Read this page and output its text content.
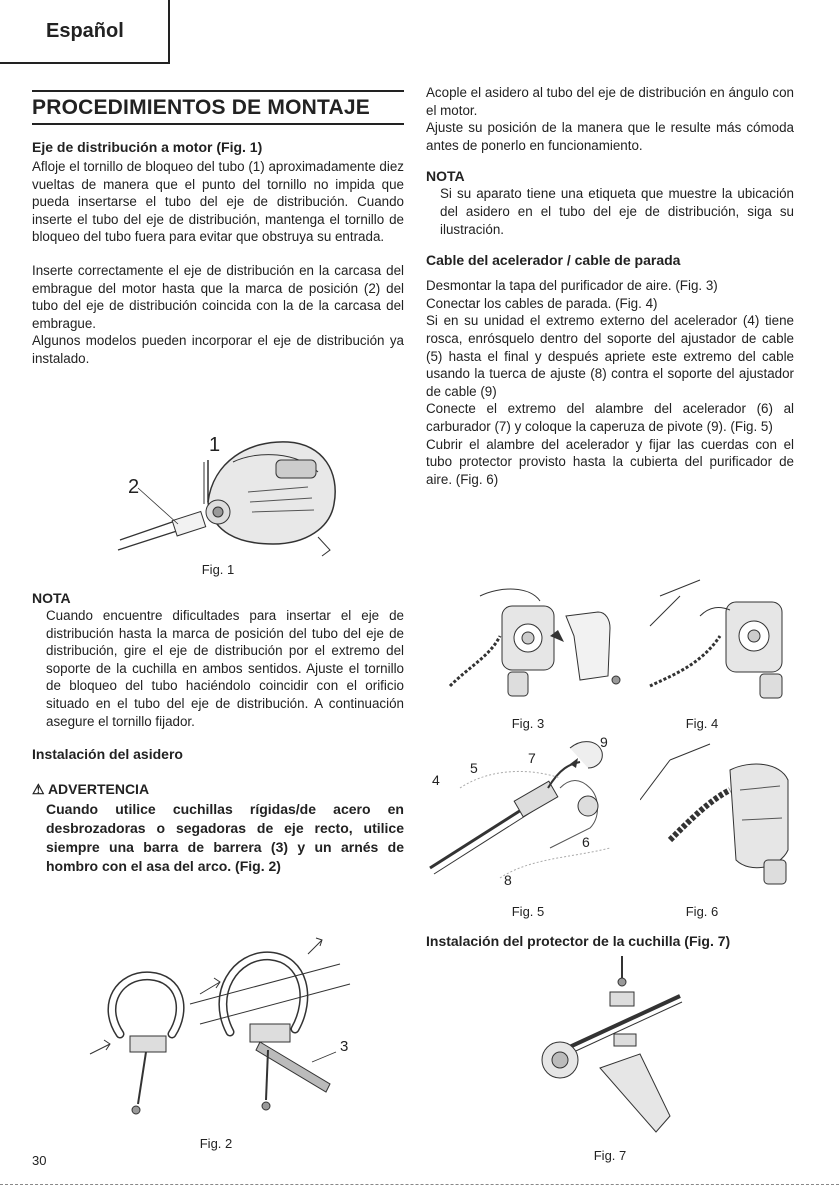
Español
PROCEDIMIENTOS DE MONTAJE
Eje de distribución a motor (Fig. 1)

Afloje el tornillo de bloqueo del tubo (1) aproximadamente diez vueltas de manera que el punto del tornillo no impida que pueda insertarse el tubo del eje de distribución. Cuando inserte el tubo del eje de distribución, mantenga el tornillo de bloqueo del tubo fuera para evitar que obstruya su entrada.

Inserte correctamente el eje de distribución en la carcasa del embrague del motor hasta que la marca de posición (2) del tubo del eje de distribución coincida con la de la carcasa del embrague.

Algunos modelos pueden incorporar el eje de distribución ya instalado.

1
2
Fig. 1
NOTA

Cuando encuentre dificultades para insertar el eje de distribución hasta la marca de posición del tubo del eje de distribución, gire el eje de distribución por el extremo del soporte de la cuchilla en ambos sentidos. Ajuste el tornillo de bloqueo del tubo haciéndolo coincidir con el orificio situado en el tubo del eje de distribución. A continuación asegure el tornillo fijador.

Instalación del asidero
⚠ ADVERTENCIA

Cuando utilice cuchillas rígidas/de acero en desbrozadoras o segadoras de eje recto, utilice siempre una barra de barrera (3) y un arnés de hombro con el asa del arco. (Fig. 2)

3
Fig. 2

Acople el asidero al tubo del eje de distribución en ángulo con el motor.

Ajuste su posición de la manera que le resulte más cómoda antes de ponerlo en funcionamiento.

NOTA

Si su aparato tiene una etiqueta que muestre la ubicación del asidero en el tubo del eje de distribución, siga su ilustración.

Cable del acelerador / cable de parada

Desmontar la tapa del purificador de aire. (Fig. 3)

Conectar los cables de parada. (Fig. 4)

Si en su unidad el extremo externo del acelerador (4) tiene rosca, enrósquelo dentro del soporte del ajustador de cable (5) hasta el final y después apriete este extremo del cable usando la tuerca de ajuste (8) contra el soporte del ajustador de cable (9)

Conecte el extremo del alambre del acelerador (6) al carburador (7) y coloque la caperuza de pivote (9). (Fig. 5)

Cubrir el alambre del acelerador y fijar las cuerdas con el tubo protector provisto hasta la cubierta del purificador de aire. (Fig. 6)

Fig. 3	Fig. 4
4
5
7
9
6
8
Fig. 5	Fig. 6
Instalación del protector de la cuchilla (Fig. 7)
Fig. 7
30
